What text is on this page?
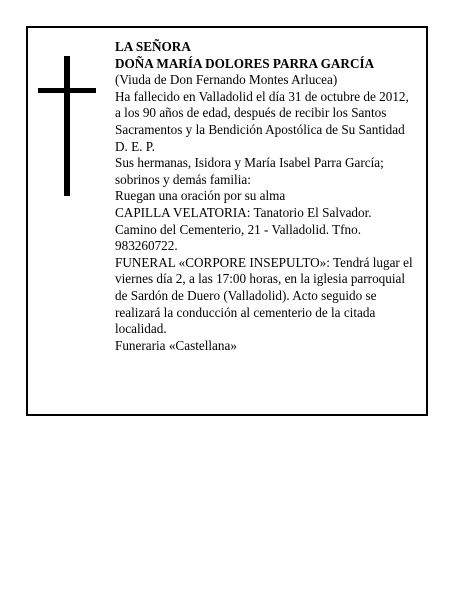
LA SEÑORA
DOÑA MARÍA DOLORES PARRA GARCÍA
(Viuda de Don Fernando Montes Arlucea)
Ha fallecido en Valladolid el día 31 de octubre de 2012,
a los 90 años de edad, después de recibir los Santos
Sacramentos y la Bendición Apostólica de Su Santidad
D. E. P.
Sus hermanas, Isidora y María Isabel Parra García;
sobrinos y demás familia:
Ruegan una oración por su alma
CAPILLA VELATORIA: Tanatorio El Salvador.
Camino del Cementerio, 21 - Valladolid. Tfno.
983260722.
FUNERAL «CORPORE INSEPULTO»: Tendrá lugar el
viernes día 2, a las 17:00 horas, en la iglesia parroquial
de Sardón de Duero (Valladolid). Acto seguido se
realizará la conducción al cementerio de la citada
localidad.
Funeraria «Castellana»
